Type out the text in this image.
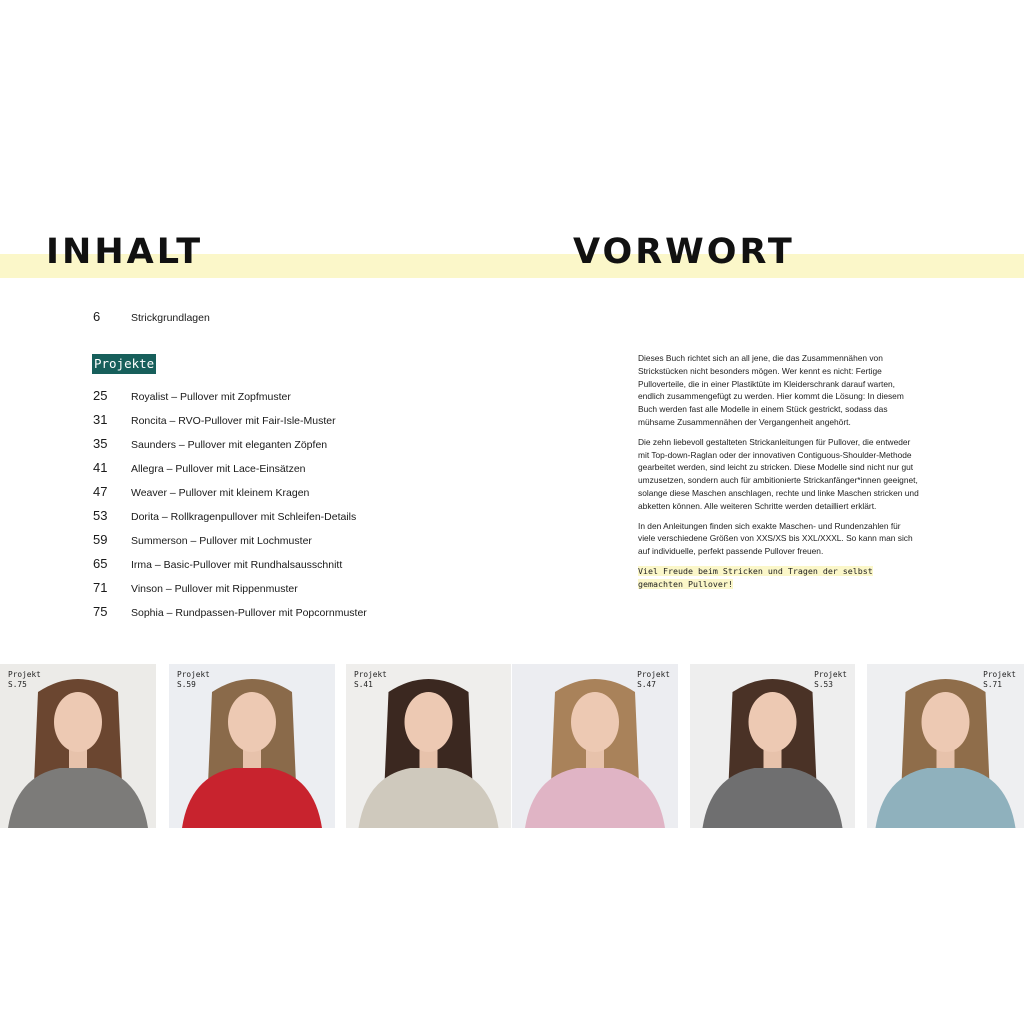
INHALT	VORWORT
6	Strickgrundlagen
Projekte
25 Royalist – Pullover mit Zopfmuster
31 Roncita – RVO-Pullover mit Fair-Isle-Muster
35 Saunders – Pullover mit eleganten Zöpfen
41 Allegra – Pullover mit Lace-Einsätzen
47 Weaver – Pullover mit kleinem Kragen
53 Dorita – Rollkragenpullover mit Schleifen-Details
59 Summerson – Pullover mit Lochmuster
65 Irma – Basic-Pullover mit Rundhalsausschnitt
71 Vinson – Pullover mit Rippenmuster
75 Sophia – Rundpassen-Pullover mit Popcornmuster

Dieses Buch richtet sich an all jene, die das Zusammennähen von Strickstücken nicht besonders mögen. Wer kennt es nicht: Fertige Pulloverteile, die in einer Plastiktüte im Kleiderschrank darauf warten, endlich zusammengefügt zu werden. Hier kommt die Lösung: In diesem Buch werden fast alle Modelle in einem Stück gestrickt, sodass das mühsame Zusammennähen der Vergangenheit angehört.

Die zehn liebevoll gestalteten Strickanleitungen für Pullover, die entweder mit Top-down-Raglan oder der innovativen Contiguous-Shoulder-Methode gearbeitet werden, sind leicht zu stricken. Diese Modelle sind nicht nur gut umzusetzen, sondern auch für ambitionierte Strickanfänger*innen geeignet, solange diese Maschen anschlagen, rechte und linke Maschen stricken und abketten können. Alle weiteren Schritte werden detailliert erklärt.

In den Anleitungen finden sich exakte Maschen- und Rundenzahlen für viele verschiedene Größen von XXS/XS bis XXL/XXXL. So kann man sich auf individuelle, perfekt passende Pullover freuen.

Viel Freude beim Stricken und Tragen der selbst gemachten Pullover!

Projekt
S.75
Projekt
S.59
Projekt
S.41
Projekt
S.47
Projekt
S.53
Projekt
S.71
